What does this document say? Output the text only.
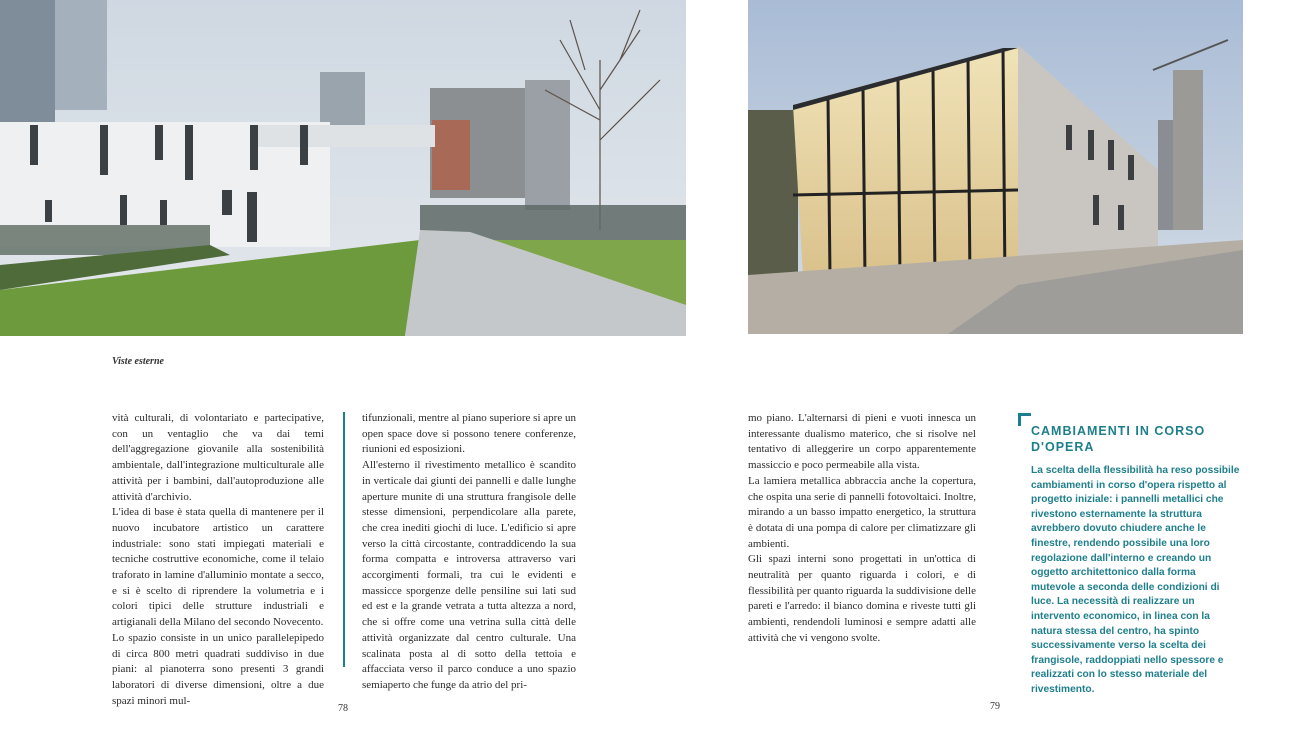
Viste esterne

vità culturali, di volontariato e partecipative, con un ventaglio che va dai temi dell'aggregazione giovanile alla sostenibilità ambientale, dall'integrazione multiculturale alle attività per i bambini, dall'autoproduzione alle attività d'archivio.

L'idea di base è stata quella di mantenere per il nuovo incubatore artistico un carattere industriale: sono stati impiegati materiali e tecniche costruttive economiche, come il telaio traforato in lamine d'alluminio montate a secco, e si è scelto di riprendere la volumetria e i colori tipici delle strutture industriali e artigianali della Milano del secondo Novecento.

Lo spazio consiste in un unico parallelepipedo di circa 800 metri quadrati suddiviso in due piani: al pianoterra sono presenti 3 grandi laboratori di diverse dimensioni, oltre a due spazi minori mul-

tifunzionali, mentre al piano superiore si apre un open space dove si possono tenere conferenze, riunioni ed esposizioni.

All'esterno il rivestimento metallico è scandito in verticale dai giunti dei pannelli e dalle lunghe aperture munite di una struttura frangisole delle stesse dimensioni, perpendicolare alla parete, che crea inediti giochi di luce. L'edificio si apre verso la città circostante, contraddicendo la sua forma compatta e introversa attraverso vari accorgimenti formali, tra cui le evidenti e massicce sporgenze delle pensiline sui lati sud ed est e la grande vetrata a tutta altezza a nord, che si offre come una vetrina sulla città delle attività organizzate dal centro culturale. Una scalinata posta al di sotto della tettoia e affacciata verso il parco conduce a uno spazio semiaperto che funge da atrio del pri-

78

mo piano. L'alternarsi di pieni e vuoti innesca un interessante dualismo materico, che si risolve nel tentativo di alleggerire un corpo apparentemente massiccio e poco permeabile alla vista.

La lamiera metallica abbraccia anche la copertura, che ospita una serie di pannelli fotovoltaici. Inoltre, mirando a un basso impatto energetico, la struttura è dotata di una pompa di calore per climatizzare gli ambienti.

Gli spazi interni sono progettati in un'ottica di neutralità per quanto riguarda i colori, e di flessibilità per quanto riguarda la suddivisione delle pareti e l'arredo: il bianco domina e riveste tutti gli ambienti, rendendoli luminosi e sempre adatti alle attività che vi vengono svolte.

CAMBIAMENTI IN CORSO D'OPERA
La scelta della flessibilità ha reso possibile cambiamenti in corso d'opera rispetto al progetto iniziale: i pannelli metallici che rivestono esternamente la struttura avrebbero dovuto chiudere anche le finestre, rendendo possibile una loro regolazione dall'interno e creando un oggetto architettonico dalla forma mutevole a seconda delle condizioni di luce. La necessità di realizzare un intervento economico, in linea con la natura stessa del centro, ha spinto successivamente verso la scelta dei frangisole, raddoppiati nello spessore e realizzati con lo stesso materiale del rivestimento.
79
